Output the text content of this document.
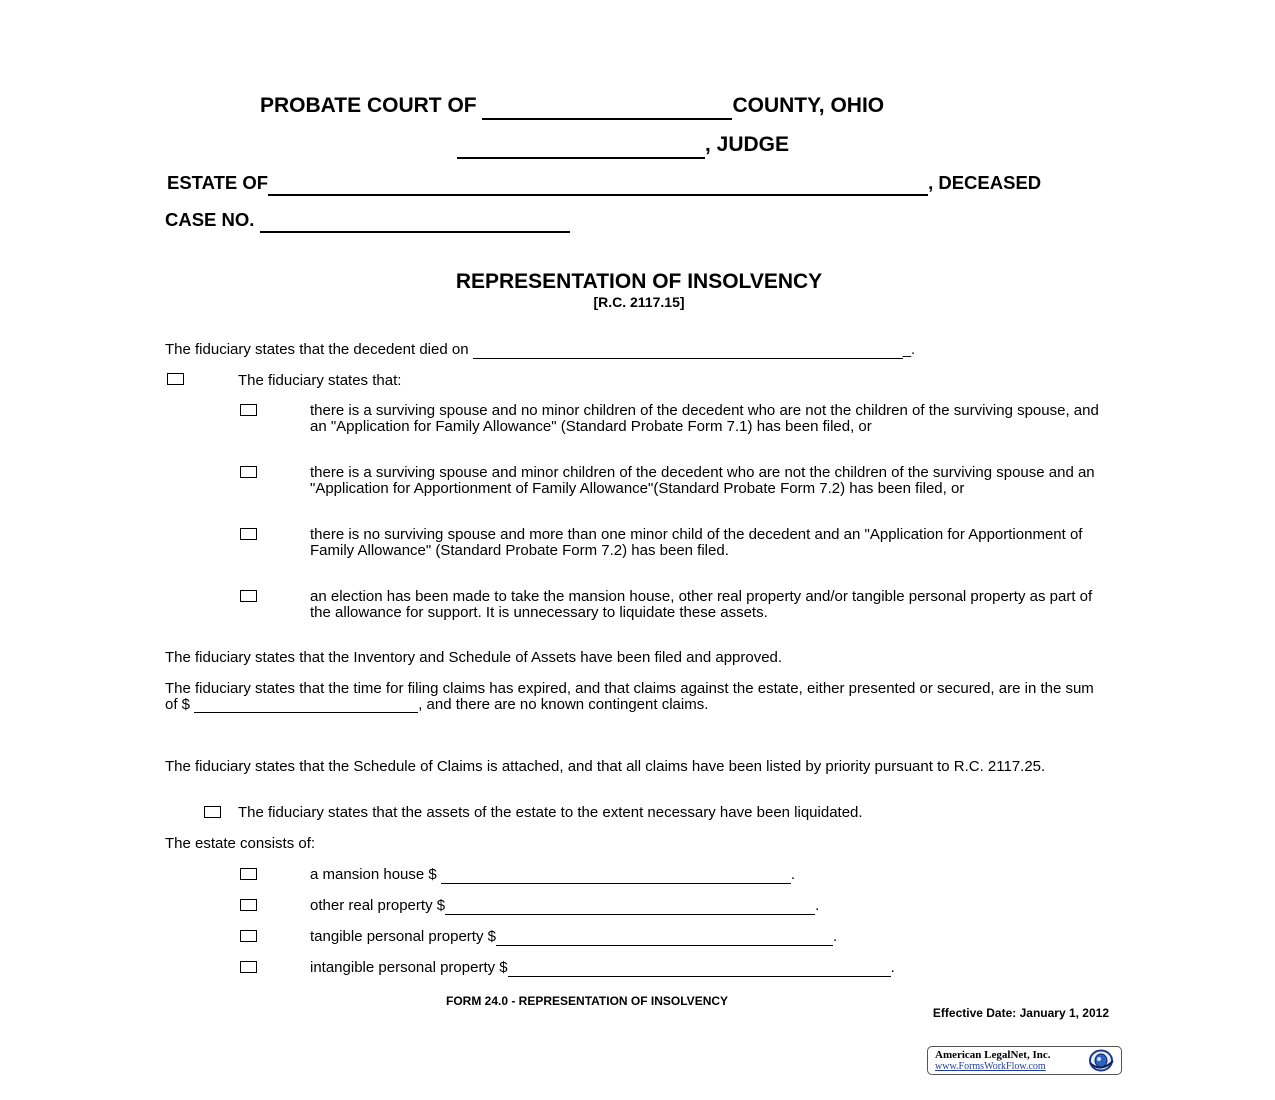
PROBATE COURT OF	COUNTY, OHIO
, JUDGE
ESTATE OF	, DECEASED
CASE NO.
REPRESENTATION OF INSOLVENCY
[R.C. 2117.15]
The fiduciary states that the decedent died on	_.
The fiduciary states that:
there is a surviving spouse and no minor children of the decedent who are not the children of the surviving spouse, and an "Application for Family Allowance" (Standard Probate Form 7.1) has been filed, or
there is a surviving spouse and minor children of the decedent who are not the children of the surviving spouse and an "Application for Apportionment of Family Allowance"(Standard Probate Form 7.2) has been filed, or
there is no surviving spouse and more than one minor child of the decedent and an "Application for Apportionment of Family Allowance" (Standard Probate Form 7.2) has been filed.
an election has been made to take the mansion house, other real property and/or tangible personal property as part of the allowance for support. It is unnecessary to liquidate these assets.
The fiduciary states that the Inventory and Schedule of Assets have been filed and approved.
The fiduciary states that the time for filing claims has expired, and that claims against the estate, either presented or secured, are in the sum of $	, and there are no known contingent claims.
The fiduciary states that the Schedule of Claims is attached, and that all claims have been listed by priority pursuant to R.C. 2117.25.
The fiduciary states that the assets of the estate to the extent necessary have been liquidated.
The estate consists of:
a mansion house $	.
other real property $	.
tangible personal property $	.
intangible personal property $	.
FORM 24.0 - REPRESENTATION OF INSOLVENCY
Effective Date: January 1, 2012
American LegalNet, Inc.
www.FormsWorkFlow.com
